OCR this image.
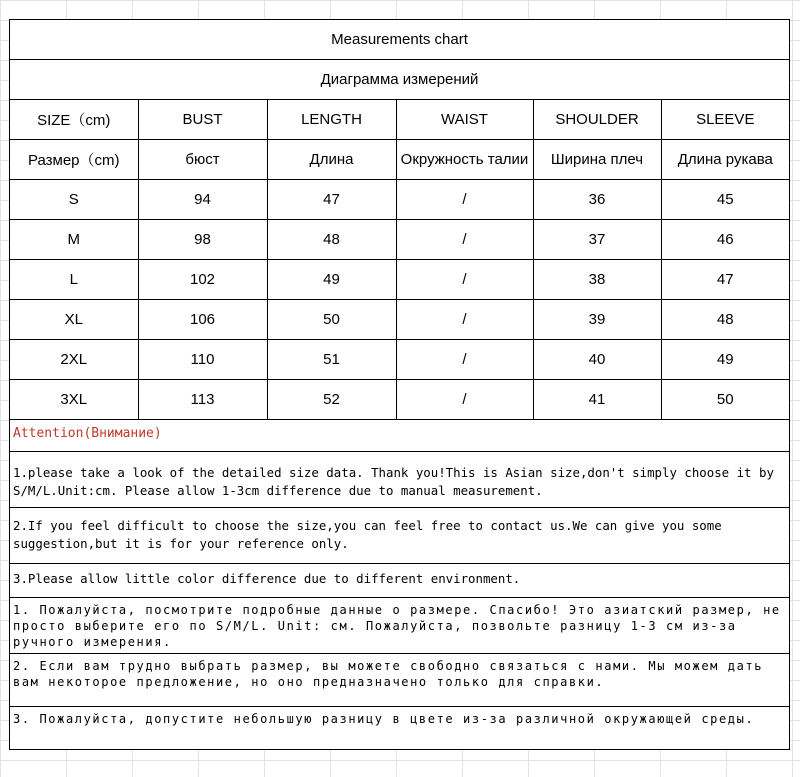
Measurements chart					
Диаграмма измерений					
SIZE（cm)	BUST	LENGTH	WAIST	SHOULDER	SLEEVE
Размер（cm)	бюст	Длина	Окружность талии	Ширина плеч	Длина рукава
S	94	47	/	36	45
M	98	48	/	37	46
L	102	49	/	38	47
XL	106	50	/	39	48
2XL	110	51	/	40	49
3XL	113	52	/	41	50
Attention(Внимание)
1.please take a look of the detailed size data. Thank you!This is Asian size,don't simply choose it by S/M/L.Unit:cm. Please allow 1-3cm difference due to manual measurement.
2.If you feel difficult to choose the size,you can feel free to contact us.We can give you some suggestion,but it is for your reference only.
3.Please allow little color difference due to different environment.
1. Пожалуйста, посмотрите подробные данные о размере. Спасибо! Это азиатский размер, не просто выберите его по S/M/L. Unit: см. Пожалуйста, позвольте разницу 1-3 см из-за ручного измерения.
2. Если вам трудно выбрать размер, вы можете свободно связаться с нами. Мы можем дать вам некоторое предложение, но оно предназначено только для справки.
3. Пожалуйста, допустите небольшую разницу в цвете из-за различной окружающей среды.
